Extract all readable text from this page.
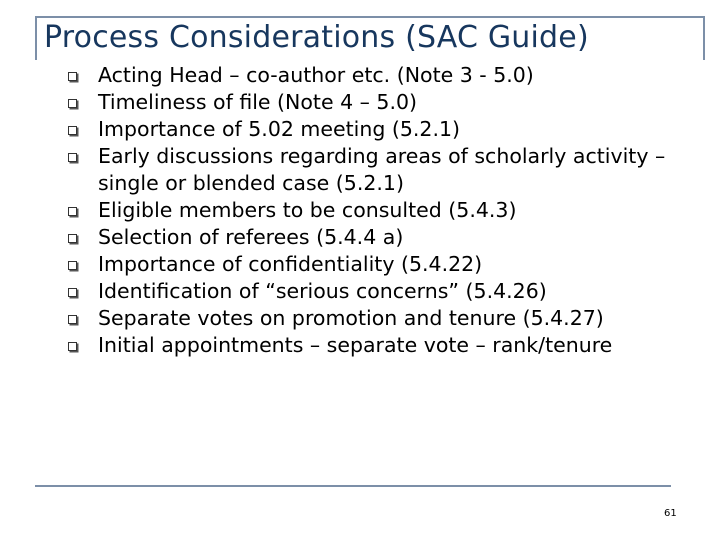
Process Considerations (SAC Guide)
Acting Head – co-author etc. (Note 3 - 5.0)
Timeliness of file (Note 4 – 5.0)
Importance of 5.02 meeting (5.2.1)
Early discussions regarding areas of scholarly activity – single or blended case (5.2.1)
Eligible members to be consulted (5.4.3)
Selection of referees (5.4.4 a)
Importance of confidentiality (5.4.22)
Identification of “serious concerns” (5.4.26)
Separate votes on promotion and tenure (5.4.27)
Initial appointments – separate vote – rank/tenure
61
